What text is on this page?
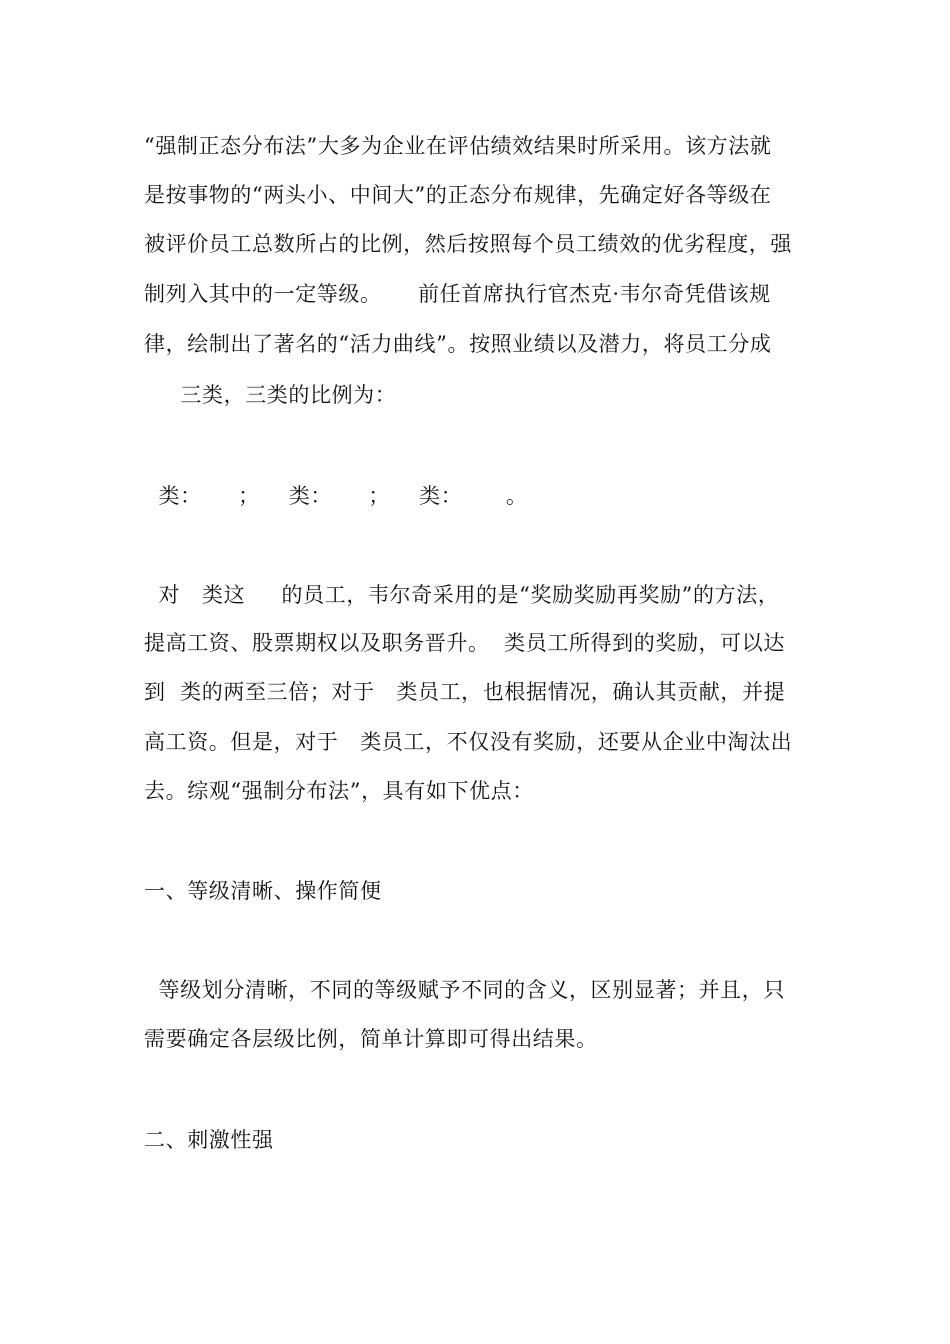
“强制正态分布法”大多为企业在评估绩效结果时所采用。该方法就
是按事物的“两头小、中间大”的正态分布规律，先确定好各等级在
被评价员工总数所占的比例，然后按照每个员工绩效的优劣程度，强
制列入其中的一定等级。     前任首席执行官杰克·韦尔奇凭借该规
律，绘制出了著名的“活力曲线”。按照业绩以及潜力，将员工分成
三类，三类的比例为：
类：     ；    类：     ；    类：      。
对   类这     的员工，韦尔奇采用的是“奖励奖励再奖励”的方法，
提高工资、股票期权以及职务晋升。  类员工所得到的奖励，可以达
到  类的两至三倍；对于   类员工，也根据情况，确认其贡献，并提
高工资。但是，对于   类员工，不仅没有奖励，还要从企业中淘汰出
去。综观“强制分布法”，具有如下优点：
一、等级清晰、操作简便
等级划分清晰，不同的等级赋予不同的含义，区别显著；并且，只
需要确定各层级比例，简单计算即可得出结果。
二、刺激性强
